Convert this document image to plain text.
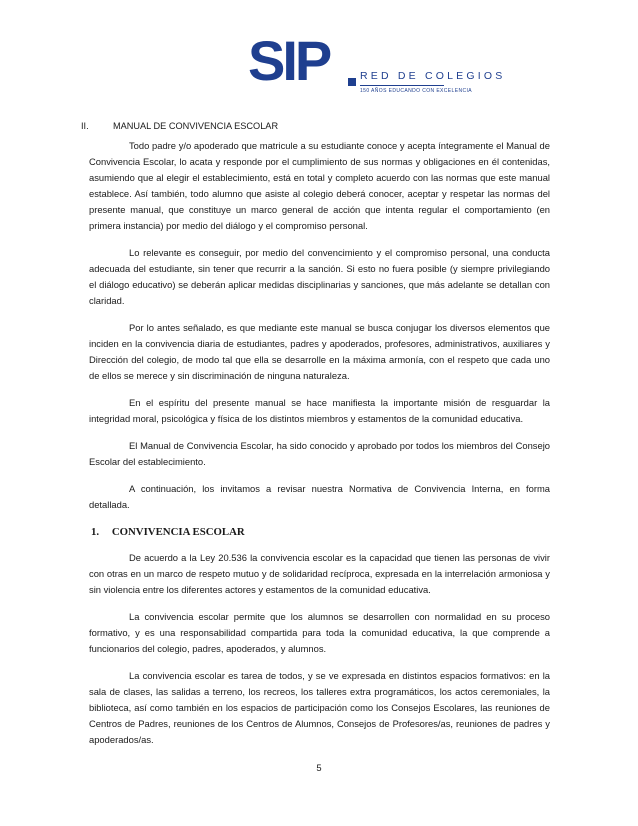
SIP	RED DE COLEGIOS
150 AÑOS EDUCANDO CON EXCELENCIA
II.	MANUAL DE CONVIVENCIA ESCOLAR

Todo padre y/o apoderado que matricule a su estudiante conoce y acepta íntegramente el Manual de Convivencia Escolar, lo acata y responde por el cumplimiento de sus normas y obligaciones en él contenidas, asumiendo que al elegir el establecimiento, está en total y completo acuerdo con las normas que este manual establece. Así también, todo alumno que asiste al colegio deberá conocer, aceptar y respetar las normas del presente manual, que constituye un marco general de acción que intenta regular el comportamiento (en primera instancia) por medio del diálogo y el compromiso personal.

Lo relevante es conseguir, por medio del convencimiento y el compromiso personal, una conducta adecuada del estudiante, sin tener que recurrir a la sanción. Si esto no fuera posible (y siempre privilegiando el diálogo educativo) se deberán aplicar medidas disciplinarias y sanciones, que más adelante se detallan con claridad.

Por lo antes señalado, es que mediante este manual se busca conjugar los diversos elementos que inciden en la convivencia diaria de estudiantes, padres y apoderados, profesores, administrativos, auxiliares y Dirección del colegio, de modo tal que ella se desarrolle en la máxima armonía, con el respeto que cada uno de ellos se merece y sin discriminación de ninguna naturaleza.

En el espíritu del presente manual se hace manifiesta la importante misión de resguardar la integridad moral, psicológica y física de los distintos miembros y estamentos de la comunidad educativa.

El Manual de Convivencia Escolar, ha sido conocido y aprobado por todos los miembros del Consejo Escolar del establecimiento.

A continuación, los invitamos a revisar nuestra Normativa de Convivencia Interna, en forma detallada.

1. CONVIVENCIA ESCOLAR

De acuerdo a la Ley 20.536 la convivencia escolar es la capacidad que tienen las personas de vivir con otras en un marco de respeto mutuo y de solidaridad recíproca, expresada en la interrelación armoniosa y sin violencia entre los diferentes actores y estamentos de la comunidad educativa.

La convivencia escolar permite que los alumnos se desarrollen con normalidad en su proceso formativo, y es una responsabilidad compartida para toda la comunidad educativa, la que comprende a funcionarios del colegio, padres, apoderados, y alumnos.

La convivencia escolar es tarea de todos, y se ve expresada en distintos espacios formativos: en la sala de clases, las salidas a terreno, los recreos, los talleres extra programáticos, los actos ceremoniales, la biblioteca, así como también en los espacios de participación como los Consejos Escolares, las reuniones de Centros de Padres, reuniones de los Centros de Alumnos, Consejos de Profesores/as, reuniones de padres y apoderados/as.

5
